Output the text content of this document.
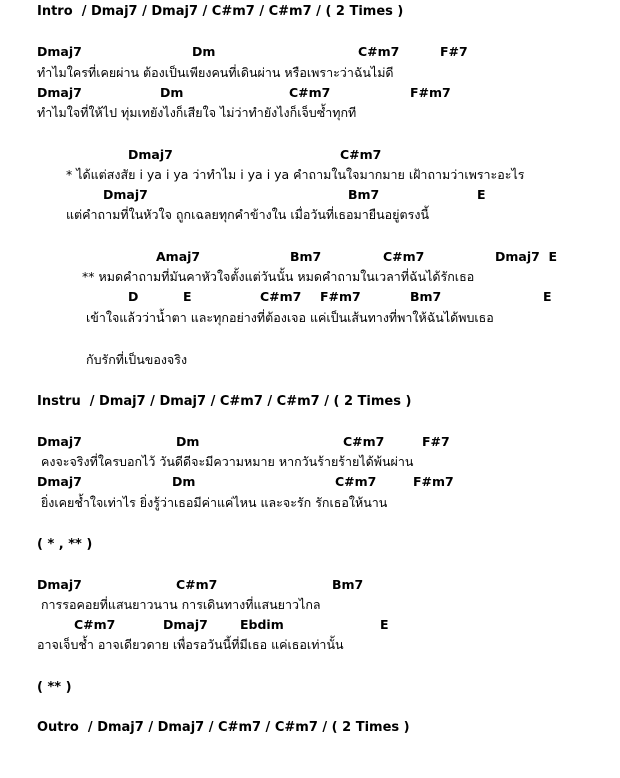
Intro  / Dmaj7 / Dmaj7 / C#m7 / C#m7 / ( 2 Times )

Dmaj7

	Dm

	C#m7

	F#7

ทำไมใครที่เคยผ่าน ต้องเป็นเพียงคนที่เดินผ่าน หรือเพราะว่าฉันไม่ดี

Dmaj7

	Dm

	C#m7

	F#m7

ทำไมใจที่ให้ไป ทุ่มเทยังไงก็เสียใจ ไม่ว่าทำยังไงก็เจ็บซ้ำทุกที

Dmaj7

	C#m7

* ได้แต่สงสัย i ya i ya ว่าทำไม i ya i ya คำถามในใจมากมาย เฝ้าถามว่าเพราะอะไร

Dmaj7

	Bm7

	E

แต่คำถามที่ในหัวใจ ถูกเฉลยทุกคำข้างใน เมื่อวันที่เธอมายืนอยู่ตรงนี้

Amaj7

	Bm7

	C#m7

	Dmaj7  E

** หมดคำถามที่มันคาหัวใจตั้งแต่วันนั้น หมดคำถามในเวลาที่ฉันได้รักเธอ

D

	E

	C#m7

F#m7

	Bm7

	E

เข้าใจแล้วว่าน้ำตา และทุกอย่างที่ต้องเจอ แค่เป็นเส้นทางที่พาให้ฉันได้พบเธอ

กับรักที่เป็นของจริง

Instru  / Dmaj7 / Dmaj7 / C#m7 / C#m7 / ( 2 Times )

Dmaj7

	Dm

	C#m7

	F#7

คงจะจริงที่ใครบอกไว้ วันดีดีจะมีความหมาย หากวันร้ายร้ายได้พ้นผ่าน

Dmaj7

	Dm

	C#m7

	F#m7

ยิ่งเคยช้ำใจเท่าไร ยิ่งรู้ว่าเธอมีค่าแค่ไหน และจะรัก รักเธอให้นาน

( * , ** )

Dmaj7

	C#m7

	Bm7

การรอคอยที่แสนยาวนาน การเดินทางที่แสนยาวไกล

C#m7

	Dmaj7

	Ebdim

	E

อาจเจ็บช้ำ อาจเดียวดาย เพื่อรอวันนี้ที่มีเธอ แค่เธอเท่านั้น

( ** )

Outro  / Dmaj7 / Dmaj7 / C#m7 / C#m7 / ( 2 Times )
